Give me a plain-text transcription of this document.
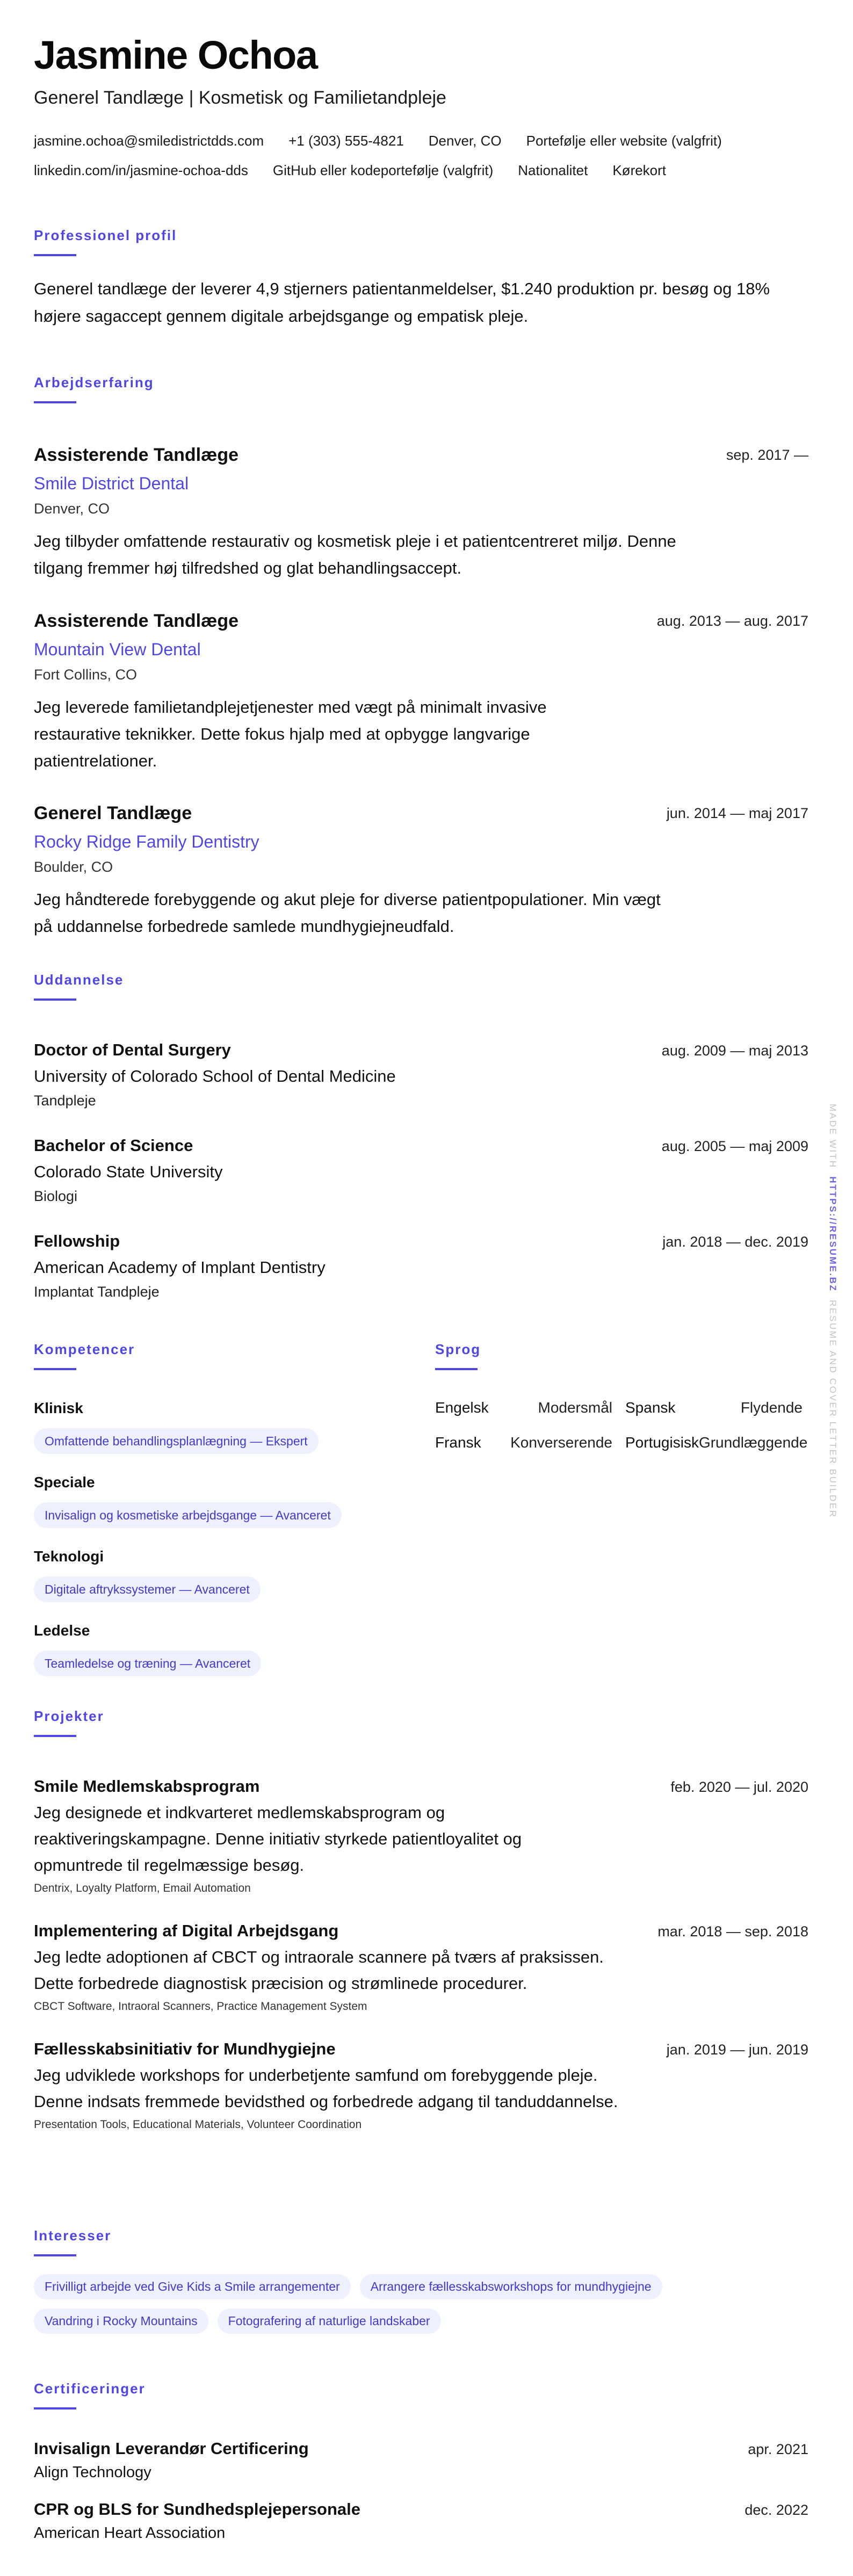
Jasmine Ochoa
Generel Tandlæge | Kosmetisk og Familietandpleje
jasmine.ochoa@smiledistrictdds.com +1 (303) 555-4821 Denver, CO Portefølje eller website (valgfrit)
linkedin.com/in/jasmine-ochoa-dds GitHub eller kodeportefølje (valgfrit) Nationalitet Kørekort
Professionel profil
Generel tandlæge der leverer 4,9 stjerners patientanmeldelser, $1.240 produktion pr. besøg og 18% højere sagaccept gennem digitale arbejdsgange og empatisk pleje.
Arbejdserfaring
sep. 2017 —
Assisterende Tandlæge
Smile District Dental
Denver, CO
Jeg tilbyder omfattende restaurativ og kosmetisk pleje i et patientcentreret miljø. Denne tilgang fremmer høj tilfredshed og glat behandlingsaccept.
aug. 2013 — aug. 2017
Assisterende Tandlæge
Mountain View Dental
Fort Collins, CO
Jeg leverede familietandplejetjenester med vægt på minimalt invasive restaurative teknikker. Dette fokus hjalp med at opbygge langvarige patientrelationer.
jun. 2014 — maj 2017
Generel Tandlæge
Rocky Ridge Family Dentistry
Boulder, CO
Jeg håndterede forebyggende og akut pleje for diverse patientpopulationer. Min vægt på uddannelse forbedrede samlede mundhygiejneudfald.
Uddannelse
aug. 2009 — maj 2013
Doctor of Dental Surgery
University of Colorado School of Dental Medicine
Tandpleje
aug. 2005 — maj 2009
Bachelor of Science
Colorado State University
Biologi
jan. 2018 — dec. 2019
Fellowship
American Academy of Implant Dentistry
Implantat Tandpleje
Kompetencer
Klinisk
Omfattende behandlingsplanlægning — Ekspert
Speciale
Invisalign og kosmetiske arbejdsgange — Avanceret
Teknologi
Digitale aftrykssystemer — Avanceret
Ledelse
Teamledelse og træning — Avanceret
Sprog
Engelsk	Modersmål Spansk	Flydende
Fransk Konverserende Portugisisk Grundlæggende
Projekter
feb. 2020 — jul. 2020
Smile Medlemskabsprogram
Jeg designede et indkvarteret medlemskabsprogram og reaktiveringskampagne. Denne initiativ styrkede patientloyalitet og opmuntrede til regelmæssige besøg.
Dentrix, Loyalty Platform, Email Automation
mar. 2018 — sep. 2018
Implementering af Digital Arbejdsgang
Jeg ledte adoptionen af CBCT og intraorale scannere på tværs af praksissen. Dette forbedrede diagnostisk præcision og strømlinede procedurer.
CBCT Software, Intraoral Scanners, Practice Management System
jan. 2019 — jun. 2019
Fællesskabsinitiativ for Mundhygiejne
Jeg udviklede workshops for underbetjente samfund om forebyggende pleje. Denne indsats fremmede bevidsthed og forbedrede adgang til tanduddannelse.
Presentation Tools, Educational Materials, Volunteer Coordination
Interesser
Frivilligt arbejde ved Give Kids a Smile arrangementer	Arrangere fællesskabsworkshops for mundhygiejne
Vandring i Rocky Mountains	Fotografering af naturlige landskaber
Certificeringer
apr. 2021
Invisalign Leverandør Certificering
Align Technology
dec. 2022
CPR og BLS for Sundhedsplejepersonale
American Heart Association
MADE WITH  HTTPS://RESUME.BZ  RESUME AND COVER LETTER BUILDER
